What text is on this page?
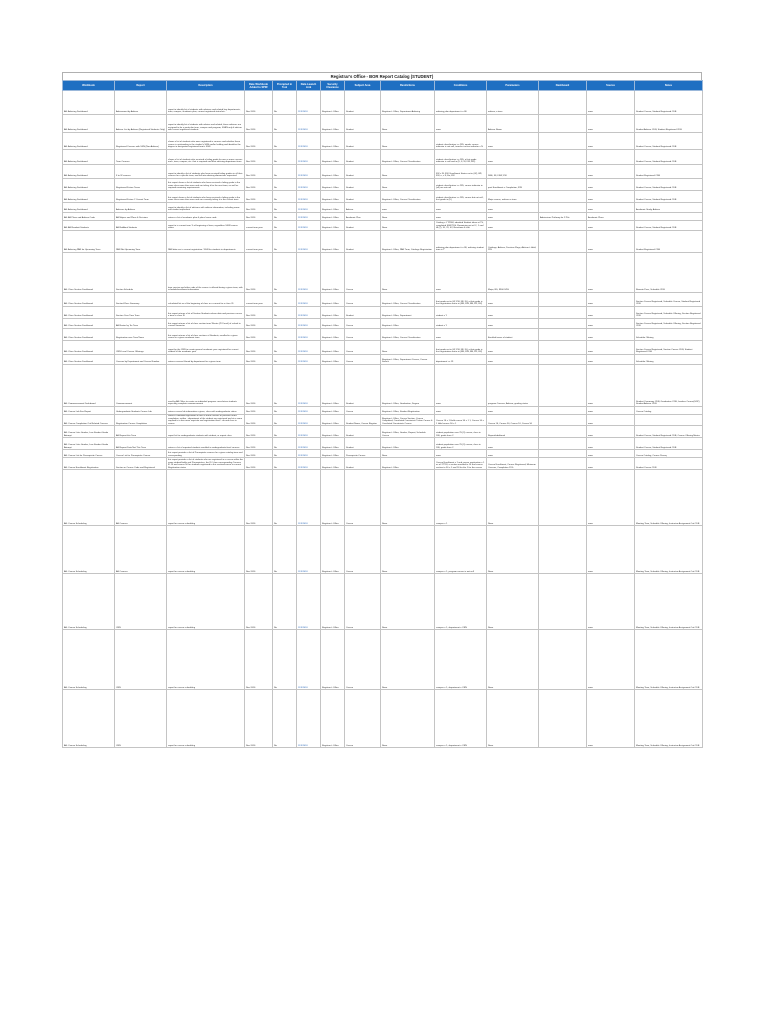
Registrar's Office - BOR Report Catalog (STUDENT)
Workbook	Report	Description	Date Workbook Added to SPIR	Prompted in Tool	Data Launch Link	Security Clearance	Subject Area	Restrictions	Conditions	Parameters	Dashboard	Source	Notes

AB: Advising Dashboard	Advisement by Advisor	report to identify list of students with advisors and related key departments, term, campus, academic plan, current registered status/etc.	Nov 2016	No	11/3/2018	Registrar's Office	Student	Registrar's Office, Department Advising	advising plan department >= 80	advisor, a term		none	Student Course, Student Registered CDB

AB: Advising Dashboard	Advisor List by Advisor (Registered Students Only)	report to identify list of students with advisor and related, those advisors are assigned to for a particular term, campus and program; SSBN only if advisor with current registered students	Nov 2016	No	11/3/2018	Registrar's Office	Student	None	none	Advisor Name		none	Student Advisor CDB, Student Registered CDB

AB: Advising Dashboard	Registered Courses with SSN (Non Advisor)	shows a list of students who were registered in courses and whether those course is outstanding in the student's SSN and/or holding and identifies the degree in designated registered term's SSN	Nov 2016	No	11/3/2018	Registrar's Office	Student	None	student classification >= 285, equals course indicator is not null, transfer course indicator = N	none		none	Student Course, Student Registered CDB

AB: Advising Dashboard	Term Courses	shows a list of students who received a failing grade for one or more courses each, term, campus, etc. that is required and their advising department term	Nov 2016	No	11/3/2018	Registrar's Office	Student	Registrar's Office, Course Classification	student classification >= 285, a first grade indicator is null and in (D, F, W, FW, WF)	none		none	Student Course, Student Registered CDB

AB: Advising Dashboard	F to W courses	report to identify a list of students who have received failing grades in all their courses for a specific term, and fall into advising dimensions requested	Nov 2016	No	11/3/2018	Registrar's Office	Student	None	FW = W, FW; Enrollment Status not in (W); WF, FW; n, = F, Fw, FW	DNE, FF, FFW, FW		none	Student Registered CDB

AB: Advising Dashboard	Registered Future Terms	this report shows a list of students who have received a failing grade in the same class more than once and are taking it for the next term, as well as required remaining requirements	Nov 2016	No	11/3/2018	Registrar's Office	Student	None	student classification >= 285, course indicator in (all) are not null	post Enrollment = Completion, F/W		none	Student Course, Student Registered CDB

AB: Advising Dashboard	Registered Future 2 Current Term	this report shows a list of students who have received a failing grade in the same class more than once and are currently taking it in the current term	Nov 2016	No	11/3/2018	Registrar's Office	Student	Registrar's Office, Course Classification	student classification >= 285, course but not null, first grade in (D)	Major course, advisor or term		none	Student Course, Student Registered CDB

AB: Advising Dashboard	Advisors by Advisor	report to identify a list of advisors with advisor information, including name and student equivalent	Nov 2016	No	11/3/2018	Registrar's Office	Advisor	none	none	none		none	Academic Study, Advisor

AB: AB Plans and Advisor Code	AB Majors and Plans & Divisions	returns a list of academic plan & plans/ more code	Nov 2016	No	11/3/2018	Registrar's Office	Academic Plan	None	none	none	Admissions Pathway for 2 Pile	Academic Plans	

AB: AB Readmit Students	AB ReAdmit Students	report to in current term % of beginning of term, regardless SSIN course status	current term year	No	11/3/2018	Registrar's Office	Student	None	Catalog = Y PIDM, admitted Student taken at TS, completed SSN/TSS, Remaining not at IC, 1 and Hl (2), 10, 2V, 4V, Revolume & soft	none		none	Student Course, Student Registered CDB

AB: Advising PAN for Upcoming Term	PAN Not Upcoming Term	PAN data run in current registration / SSN for students in departments	current term year	No	11/3/2018	Registrar's Office	Student	Registrar's Office, PAN Term, Catalogs Registration	advising plan department >= 80, advising student term is Y	Catalogs, Advisor, Decision Flags, Advisor's Hold, PIN		none	Student Registered CDB

AB: Class Section Dashboard	Section Schedule	time session and other code of the course is offered during a given term, with schedule/enrollment information	Nov 2016	No	11/3/2018	Registrar's Office	Course	None	none	Major, RS, 9900 SPH		none	Remote Pass, Schedule CDB

AB: Class Section Dashboard	Section/Class Summary	calculated list as of the beginning of class or a current for a class ID	current term year	No	11/3/2018	Registrar's Office	Course	Registrar's Office, Course Classification	that grade not in (W, FW, NF, FL) a that grade is first registration status in (RE, RW, RB, RZ, RX)	none		none	Section Course Registered, Schedule Course, Student Registered CDB

AB: Class Section Dashboard	Section Over Time Term	this report returns a list of Section Students whose data and previous course a term in class ID	Nov 2016	No	11/3/2018	Registrar's Office	Student	Registrar's Office, Department	student = Y	none		none	Section Course Registered, Schedule Offering, Section Registered CDB

AB: Class Section Dashboard	AB Roster by Ter Term	this report returns a list of class section term/ Roster (PO level) of school to current Semester	Nov 2016	No	11/3/2018	Registrar's Office	Course	Registrar's Office	student = Y	none		none	Section Course Registered, Schedule Offering, Section Registered CDB

AB: Class Section Dashboard	Registration over Term/Years	this report returns a list of class sections of Students, enrolled in a given course in a given academic term	Nov 2016	No	11/3/2018	Registrar's Office	Course	Registrar's Office, Course Classification	none	Enrolled terms of student		none	Schedule Offering

AB: Class Section Dashboard	CRN Level Course Offerings	report by the CRN to create general academic year registered for current student of the academic year	Nov 2016	No	11/3/2018	Registrar's Office	Course	None	that grade not in (W, FW, NF, FL) a that grade is first registration status in (RE, RW, RB, RZ, RX)	none		none	Section Course Registered, Section Course CDB, Student Registered CDB

AB: Class Section Dashboard	Courses by Department and Course Number	returns courses filtered by department for a given term	Nov 2016	No	11/3/2018	Registrar's Office	Course	Registrar's Office, Department Course, Course Search	department >= 19	none		none	Schedule Offering

AB: Commencement Dashboard	Commencement	used by AB Office to create an individual program: near-future students expecting complete commencement	Nov 2016	No	11/3/2018	Registrar's Office	Student	Registrar's Office, Graduation, Degree	none	program Courses, Advisor, grading status		none	Student Ceremony CDB, Graduation CDB, Lenders Course(SDP) Student Advisor CDB

AB: Course Lab Fee Report	Undergraduate Students Course Lab	returns course lab information a given, class with undergraduate status	Nov 2016	No	11/3/2018	Registrar's Office	Course	Registrar's Office, Student Registration	none	none		none	Course Catalog

AB: Course Completion Out Related Courses	Registration Course Completion	returns a detailed registration in one or more courses or previous terms completion, outline - department of the student are registered and at or more required to a fore more requisite and registration them - do and class in course	Nov 2016	No	11/3/2018	Registrar's Office	Student Name, Course Register	Registrar's Office, Course Section, Course Completed, Correlated Constraints Tuition Course & Correlated Constraints Course	Course 16 = 1 Hold course 50 = 1 1, Course 16 = 1 Hold course 50 = 1	Course 16, Course 50, Course 16, Course 50		none	

AB: Course Lists Grades, Low Student Grade Attempt	AB Repeat this Term	report list for undergraduate students with student, or repeat class	Nov 2016	No	11/3/2018	Registrar's Office	Student	Registrar's Office, Grades, Repeat, Schedule Course	student population over 25 (2) course, class in 180, grade from C	Repeat/additional		none	Student Course, Student Registered CDB, Course Offering/Status

AB: Course Lists Grades, Low Student Grade Attempt	AB Repeat Data Not This Term	returns a list of repeated students enrolled in undergraduate-level courses	Nov 2016	No	11/3/2018	Registrar's Office	Student	Registrar's Office	student population over 25 (2) course, class in 180, grade from C	none		none	Student Course, Student Registered CDB

AB: Course List for Prerequisite Course	Course List for Prerequisite Course	this report provides a list of Prerequisite courses for a given catalog term and corresponding	Nov 2016	No	11/3/2018	Registrar's Office	Prerequisite Course	None	none	none		none	Course Catalog, Course Prereq

AB: Course Enrollment Registration	Section or Course Code and Registered	this report provides a list of students who are registered in a course within the same student/holds and Prerequisites; the ID / then corresponding Courses ID 16 and course 50 for students registered in this section/course to current Registration status	Nov 2016	No	11/3/2018	Registrar's Office	Student	Registrar's Office	Course Enrollment = 1 and course registration = 1 as of 7/7/18, a section enrolled to 16 and course section to 50 = 1 and 16 for the 1 for the course	Course Enrollment, Course Registered, Minimum Courses, Completion 15%		none	Student Course CDB

AB: Course Scheduling	AB Courses	report for course scheduling	Nov 2016	No	11/3/2018	Registrar's Office	Course	None	campus = 1	None		none	Meeting Time, Schedule Offering, Instructor Assignment Cat CDB

AB: Course Scheduling	AB Courses	report for course scheduling	Nov 2016	No	11/3/2018	Registrar's Office	Course	None	campus = 1, program course in not null	None		none	Meeting Time, Schedule Offering, Instructor Assignment Cat CDB

AB: Course Scheduling	CRN	report for course scheduling	Nov 2016	No	11/3/2018	Registrar's Office	Course	None	campus = 1, department = CRN	None		none	Meeting Time, Schedule Offering, Instructor Assignment Cat CDB

AB: Course Scheduling	CRN	report for course scheduling	Nov 2016	No	11/3/2018	Registrar's Office	Course	None	campus = 1, department = CRN	None		none	Meeting Time, Schedule Offering, Instructor Assignment Cat CDB

AB: Course Scheduling	CRN	report for course scheduling	Nov 2016	No	11/3/2018	Registrar's Office	Course	None	campus = 1, department = CRN	None		none	Meeting Time, Schedule Offering, Instructor Assignment Cat CDB
